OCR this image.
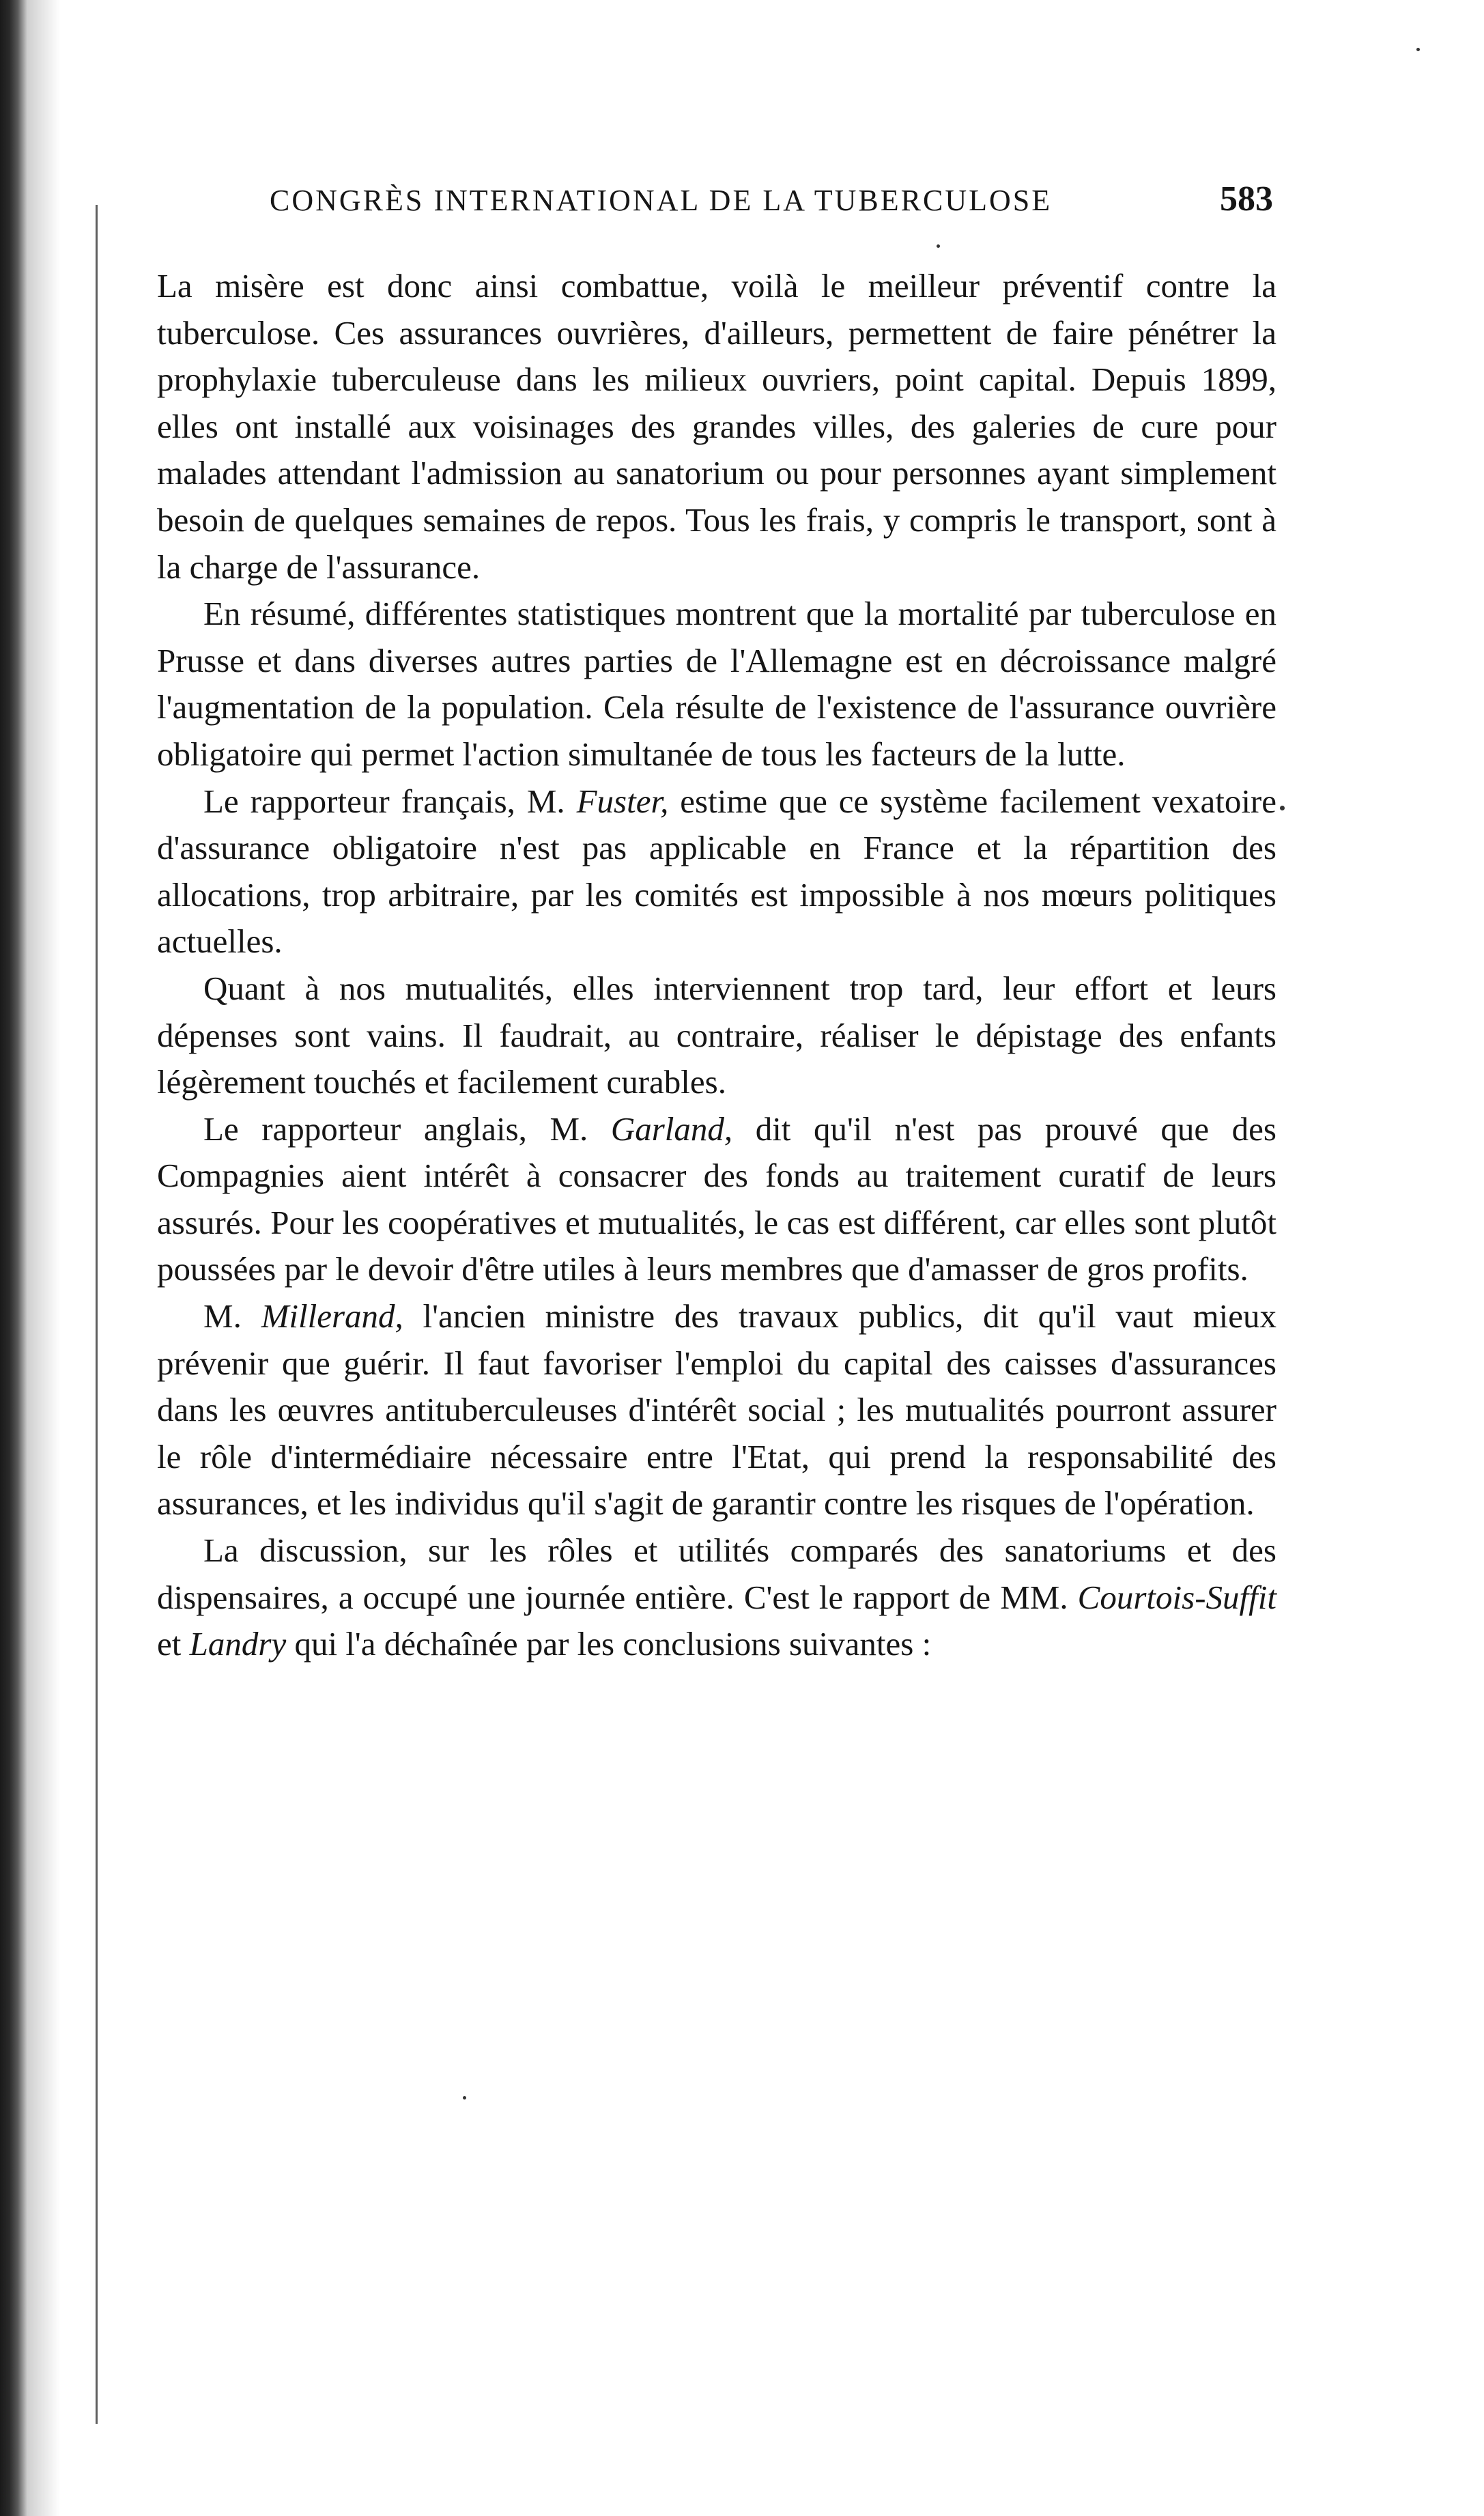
CONGRÈS INTERNATIONAL DE LA TUBERCULOSE	583

La misère est donc ainsi combattue, voilà le meilleur préventif contre la tuberculose. Ces assurances ouvrières, d'ailleurs, permettent de faire pénétrer la prophylaxie tuberculeuse dans les milieux ouvriers, point capital. Depuis 1899, elles ont installé aux voisinages des grandes villes, des galeries de cure pour malades attendant l'admission au sanatorium ou pour personnes ayant simplement besoin de quelques semaines de repos. Tous les frais, y compris le transport, sont à la charge de l'assurance.

En résumé, différentes statistiques montrent que la mortalité par tuberculose en Prusse et dans diverses autres parties de l'Allemagne est en décroissance malgré l'augmentation de la population. Cela résulte de l'existence de l'assurance ouvrière obligatoire qui permet l'action simultanée de tous les facteurs de la lutte.

Le rapporteur français, M. Fuster, estime que ce système facilement vexatoire d'assurance obligatoire n'est pas applicable en France et la répartition des allocations, trop arbitraire, par les comités est impossible à nos mœurs politiques actuelles.

Quant à nos mutualités, elles interviennent trop tard, leur effort et leurs dépenses sont vains. Il faudrait, au contraire, réaliser le dépistage des enfants légèrement touchés et facilement curables.

Le rapporteur anglais, M. Garland, dit qu'il n'est pas prouvé que des Compagnies aient intérêt à consacrer des fonds au traitement curatif de leurs assurés. Pour les coopératives et mutualités, le cas est différent, car elles sont plutôt poussées par le devoir d'être utiles à leurs membres que d'amasser de gros profits.

M. Millerand, l'ancien ministre des travaux publics, dit qu'il vaut mieux prévenir que guérir. Il faut favoriser l'emploi du capital des caisses d'assurances dans les œuvres antituberculeuses d'intérêt social ; les mutualités pourront assurer le rôle d'intermédiaire nécessaire entre l'Etat, qui prend la responsabilité des assurances, et les individus qu'il s'agit de garantir contre les risques de l'opération.

La discussion, sur les rôles et utilités comparés des sanatoriums et des dispensaires, a occupé une journée entière. C'est le rapport de MM. Courtois-Suffit et Landry qui l'a déchaînée par les conclusions suivantes :
